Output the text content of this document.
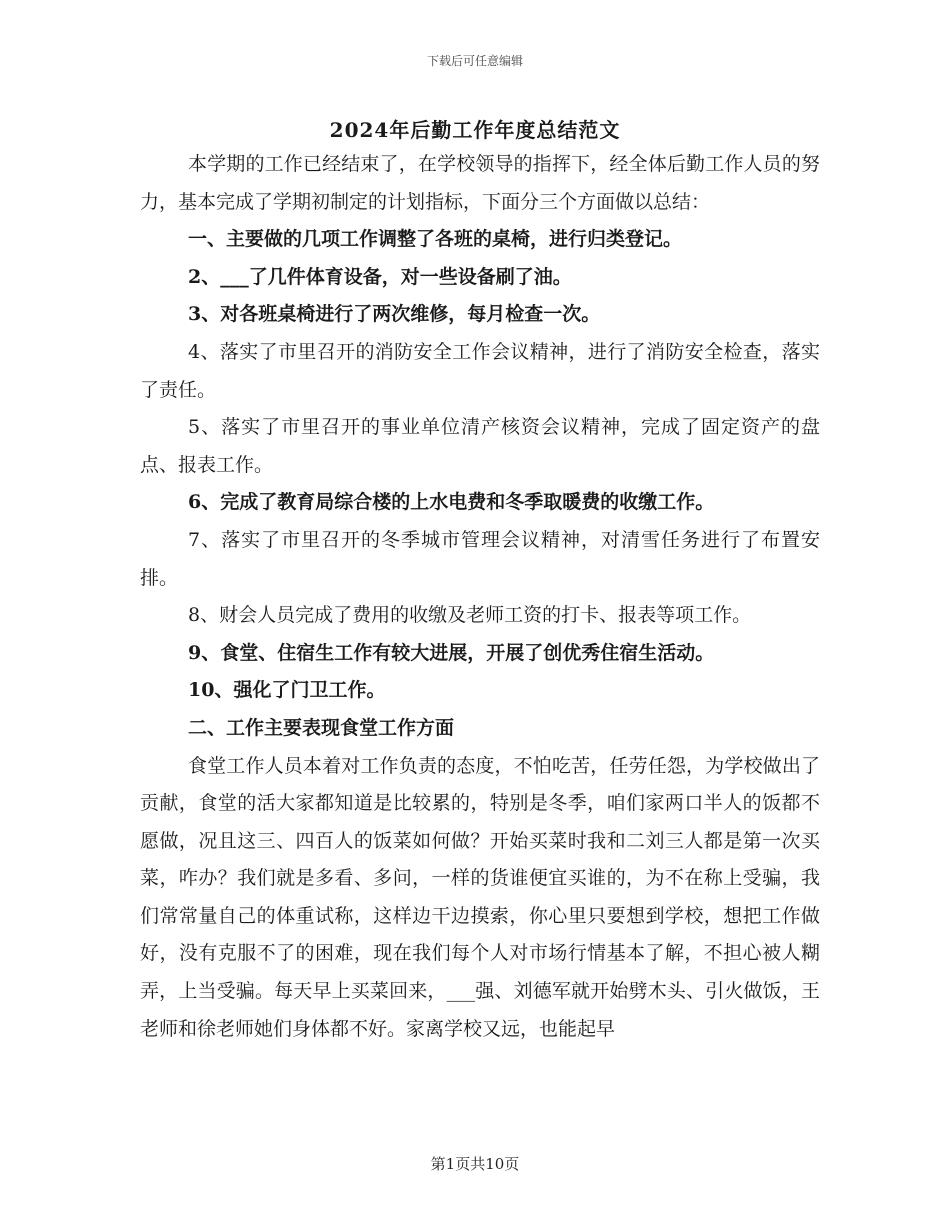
下载后可任意编辑
2024年后勤工作年度总结范文

本学期的工作已经结束了，在学校领导的指挥下，经全体后勤工作人员的努力，基本完成了学期初制定的计划指标，下面分三个方面做以总结：

一、主要做的几项工作调整了各班的桌椅，进行归类登记。

2、___了几件体育设备，对一些设备刷了油。

3、对各班桌椅进行了两次维修，每月检查一次。

4、落实了市里召开的消防安全工作会议精神，进行了消防安全检查，落实了责任。

5、落实了市里召开的事业单位清产核资会议精神，完成了固定资产的盘点、报表工作。

6、完成了教育局综合楼的上水电费和冬季取暖费的收缴工作。

7、落实了市里召开的冬季城市管理会议精神，对清雪任务进行了布置安排。

8、财会人员完成了费用的收缴及老师工资的打卡、报表等项工作。

9、食堂、住宿生工作有较大进展，开展了创优秀住宿生活动。

10、强化了门卫工作。

二、工作主要表现食堂工作方面

食堂工作人员本着对工作负责的态度，不怕吃苦，任劳任怨，为学校做出了贡献，食堂的活大家都知道是比较累的，特别是冬季，咱们家两口半人的饭都不愿做，况且这三、四百人的饭菜如何做？开始买菜时我和二刘三人都是第一次买菜，咋办？我们就是多看、多问，一样的货谁便宜买谁的，为不在称上受骗，我们常常量自己的体重试称，这样边干边摸索，你心里只要想到学校，想把工作做好，没有克服不了的困难，现在我们每个人对市场行情基本了解，不担心被人糊弄，上当受骗。每天早上买菜回来，___强、刘德军就开始劈木头、引火做饭，王老师和徐老师她们身体都不好。家离学校又远，也能起早

第1页共10页
